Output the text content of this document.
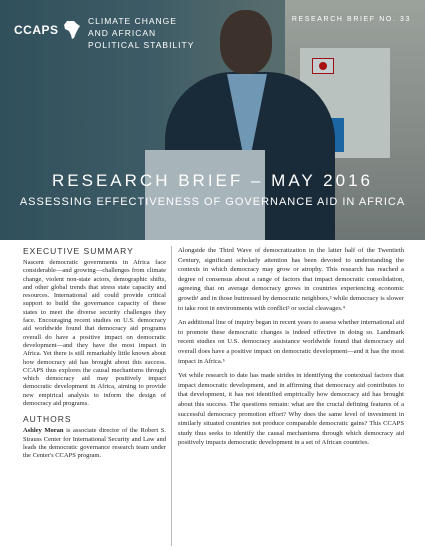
CCAPS
CLIMATE CHANGE
AND AFRICAN
POLITICAL STABILITY
RESEARCH BRIEF NO. 33
RESEARCH BRIEF – MAY 2016
ASSESSING EFFECTIVENESS OF GOVERNANCE AID IN AFRICA
EXECUTIVE SUMMARY

Nascent democratic governments in Africa face considerable—and growing—challenges from climate change, violent non-state actors, demographic shifts, and other global trends that stress state capacity and resources. International aid could provide critical support to build the governance capacity of these states to meet the diverse security challenges they face. Encouraging recent studies on U.S. democracy aid worldwide found that democracy aid programs overall do have a positive impact on democratic development—and they have the most impact in Africa. Yet there is still remarkably little known about how democracy aid has brought about this success. CCAPS thus explores the causal mechanisms through which democracy aid may positively impact democratic development in Africa, aiming to provide new empirical analysis to inform the design of democracy aid programs.

AUTHORS

Ashley Moran is associate director of the Robert S. Strauss Center for International Security and Law and leads the democratic governance research team under the Center's CCAPS program.

Alongside the Third Wave of democratization in the latter half of the Twentieth Century, significant scholarly attention has been devoted to understanding the contexts in which democracy may grow or atrophy. This research has reached a degree of consensus about a range of factors that impact democratic consolidation, agreeing that on average democracy grows in countries experiencing economic growth¹ and in those buttressed by democratic neighbors,² while democracy is slower to take root in environments with conflict³ or social cleavages.⁴

An additional line of inquiry began in recent years to assess whether international aid to promote these democratic changes is indeed effective in doing so. Landmark recent studies on U.S. democracy assistance worldwide found that democracy aid overall does have a positive impact on democratic development—and it has the most impact in Africa.⁵

Yet while research to date has made strides in identifying the contextual factors that impact democratic development, and in affirming that democracy aid contributes to that development, it has not identified empirically how democracy aid has brought about this success. The questions remain: what are the crucial defining features of a successful democracy promotion effort? Why does the same level of investment in similarly situated countries not produce comparable democratic gains? This CCAPS study thus seeks to identify the causal mechanisms through which democracy aid positively impacts democratic development in a set of African countries.
